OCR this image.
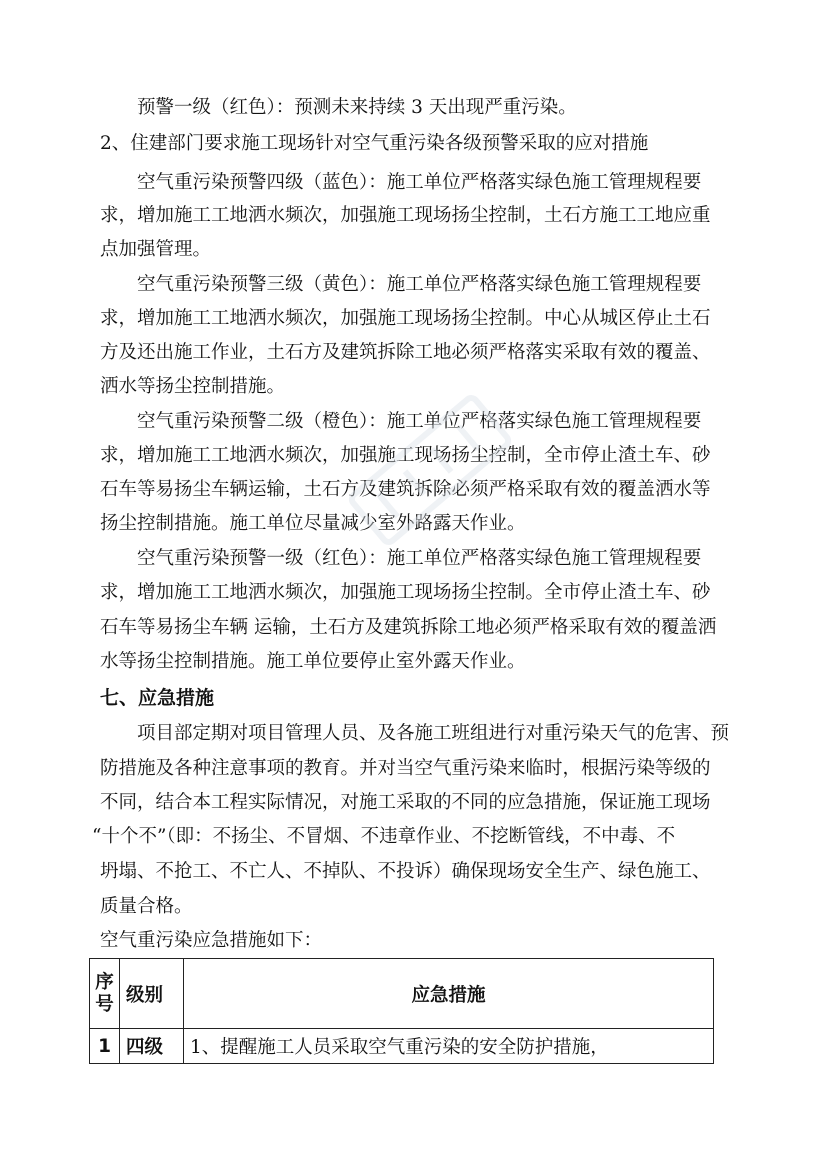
预警一级（红色）：预测未来持续 3 天出现严重污染。
2、住建部门要求施工现场针对空气重污染各级预警采取的应对措施
空气重污染预警四级（蓝色）：施工单位严格落实绿色施工管理规程要
求，增加施工工地洒水频次，加强施工现场扬尘控制，土石方施工工地应重
点加强管理。
空气重污染预警三级（黄色）：施工单位严格落实绿色施工管理规程要
求，增加施工工地洒水频次，加强施工现场扬尘控制。中心从城区停止土石
方及还出施工作业，土石方及建筑拆除工地必须严格落实采取有效的覆盖、
洒水等扬尘控制措施。
空气重污染预警二级（橙色）：施工单位严格落实绿色施工管理规程要
求，增加施工工地洒水频次，加强施工现场扬尘控制，全市停止渣土车、砂
石车等易扬尘车辆运输，土石方及建筑拆除必须严格采取有效的覆盖洒水等
扬尘控制措施。施工单位尽量减少室外路露天作业。
空气重污染预警一级（红色）：施工单位严格落实绿色施工管理规程要
求，增加施工工地洒水频次，加强施工现场扬尘控制。全市停止渣土车、砂
石车等易扬尘车辆 运输，土石方及建筑拆除工地必须严格采取有效的覆盖洒
水等扬尘控制措施。施工单位要停止室外露天作业。
七、应急措施
项目部定期对项目管理人员、及各施工班组进行对重污染天气的危害、预
防措施及各种注意事项的教育。并对当空气重污染来临时，根据污染等级的
不同，结合本工程实际情况，对施工采取的不同的应急措施，保证施工现场
“十个不”（即：不扬尘、不冒烟、不违章作业、不挖断管线，不中毒、不
坍塌、不抢工、不亡人、不掉队、不投诉）确保现场安全生产、绿色施工、
质量合格。
空气重污染应急措施如下：
序
号	级别	应急措施
1	四级	1、提醒施工人员采取空气重污染的安全防护措施，
